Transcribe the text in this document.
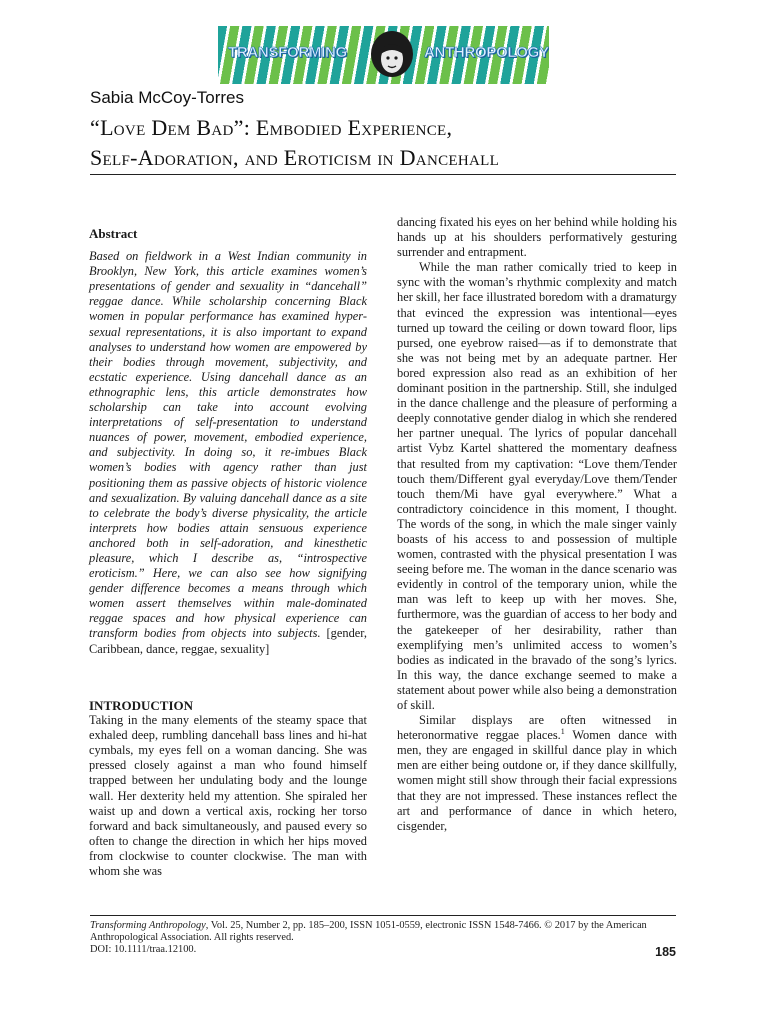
TRANSFORMING	ANTHROPOLOGY
Sabia McCoy-Torres
“Love Dem Bad”: Embodied Experience,
Self-Adoration, and Eroticism in Dancehall
Abstract

Based on fieldwork in a West Indian community in Brooklyn, New York, this article examines women’s presentations of gender and sexuality in “dancehall” reggae dance. While scholarship concerning Black women in popular performance has examined hyper-sexual representations, it is also important to expand analyses to understand how women are empowered by their bodies through movement, subjectivity, and ecstatic experience. Using dancehall dance as an ethnographic lens, this article demonstrates how scholarship can take into account evolving interpretations of self-presentation to understand nuances of power, movement, embodied experience, and subjectivity. In doing so, it re-imbues Black women’s bodies with agency rather than just positioning them as passive objects of historic violence and sexualization. By valuing dancehall dance as a site to celebrate the body’s diverse physicality, the article interprets how bodies attain sensuous experience anchored both in self-adoration, and kinesthetic pleasure, which I describe as, “introspective eroticism.” Here, we can also see how signifying gender difference becomes a means through which women assert themselves within male-dominated reggae spaces and how physical experience can transform bodies from objects into subjects. [gender, Caribbean, dance, reggae, sexuality]

INTRODUCTION

Taking in the many elements of the steamy space that exhaled deep, rumbling dancehall bass lines and hi-hat cymbals, my eyes fell on a woman dancing. She was pressed closely against a man who found himself trapped between her undulating body and the lounge wall. Her dexterity held my attention. She spiraled her waist up and down a vertical axis, rocking her torso forward and back simultaneously, and paused every so often to change the direction in which her hips moved from clockwise to counter clockwise. The man with whom she was

dancing fixated his eyes on her behind while holding his hands up at his shoulders performatively gesturing surrender and entrapment.

While the man rather comically tried to keep in sync with the woman’s rhythmic complexity and match her skill, her face illustrated boredom with a dramaturgy that evinced the expression was intentional—eyes turned up toward the ceiling or down toward floor, lips pursed, one eyebrow raised—as if to demonstrate that she was not being met by an adequate partner. Her bored expression also read as an exhibition of her dominant position in the partnership. Still, she indulged in the dance challenge and the pleasure of performing a deeply connotative gender dialog in which she rendered her partner unequal. The lyrics of popular dancehall artist Vybz Kartel shattered the momentary deafness that resulted from my captivation: “Love them/Tender touch them/Different gyal everyday/Love them/Tender touch them/Mi have gyal everywhere.” What a contradictory coincidence in this moment, I thought. The words of the song, in which the male singer vainly boasts of his access to and possession of multiple women, contrasted with the physical presentation I was seeing before me. The woman in the dance scenario was evidently in control of the temporary union, while the man was left to keep up with her moves. She, furthermore, was the guardian of access to her body and the gatekeeper of her desirability, rather than exemplifying men’s unlimited access to women’s bodies as indicated in the bravado of the song’s lyrics. In this way, the dance exchange seemed to make a statement about power while also being a demonstration of skill.

Similar displays are often witnessed in heteronormative reggae places.$^1$ Women dance with men, they are engaged in skillful dance play in which men are either being outdone or, if they dance skillfully, women might still show through their facial expressions that they are not impressed. These instances reflect the art and performance of dance in which hetero, cisgender,

Transforming Anthropology, Vol. 25, Number 2, pp. 185–200, ISSN 1051-0559, electronic ISSN 1548-7466. © 2017 by the American Anthropological Association. All rights reserved.
DOI: 10.1111/traa.12100.	185
